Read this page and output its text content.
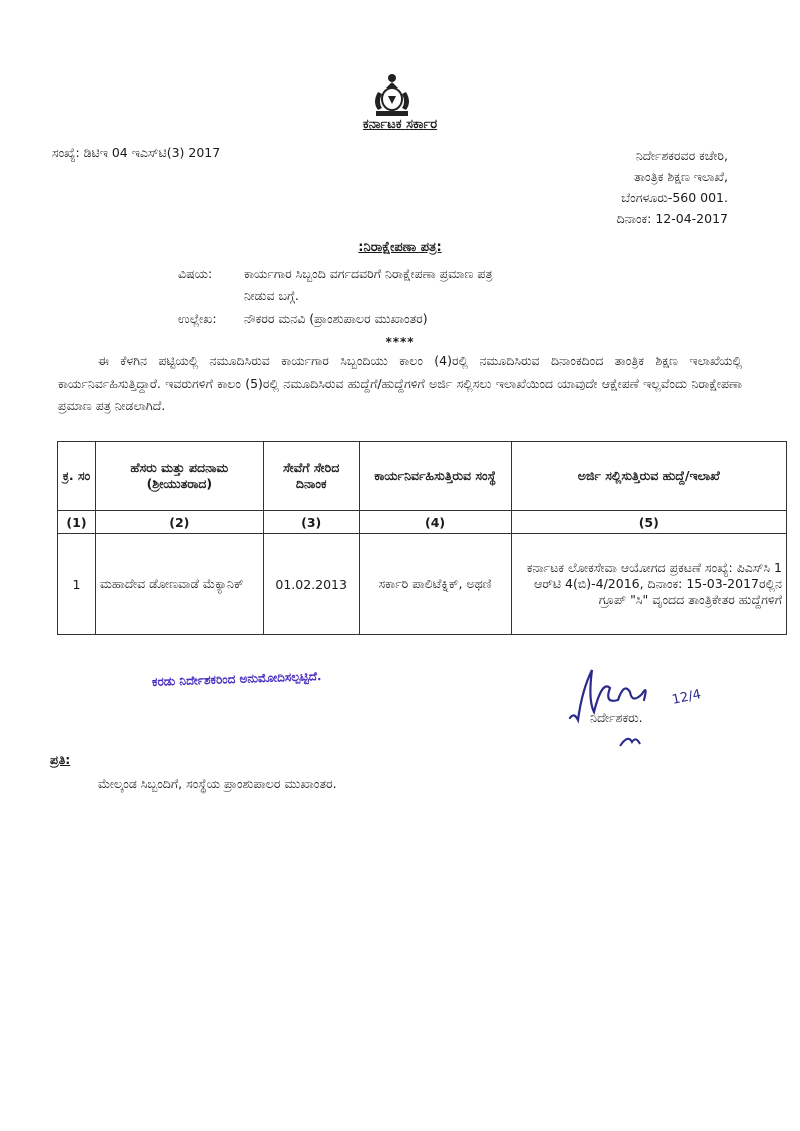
ಕರ್ನಾಟಕ ಸರ್ಕಾರ
ಸಂಖ್ಯೆ: ಡಿಟಿಇ 04 ಇಎಸ್‌ಟಿ(3) 2017	ನಿರ್ದೇಶಕರವರ ಕಚೇರಿ,
ತಾಂತ್ರಿಕ ಶಿಕ್ಷಣ ಇಲಾಖೆ,
ಬೆಂಗಳೂರು-560 001.
ದಿನಾಂಕ: 12-04-2017
:ನಿರಾಕ್ಷೇಪಣಾ ಪತ್ರ:
ವಿಷಯ:	ಕಾರ್ಯಗಾರ ಸಿಬ್ಬಂದಿ ವರ್ಗದವರಿಗೆ ನಿರಾಕ್ಷೇಪಣಾ ಪ್ರಮಾಣ ಪತ್ರ
ನೀಡುವ ಬಗ್ಗೆ.
ಉಲ್ಲೇಖ:	ನೌಕರರ ಮನವಿ (ಪ್ರಾಂಶುಪಾಲರ ಮುಖಾಂತರ)
****
ಈ ಕೆಳಗಿನ ಪಟ್ಟಿಯಲ್ಲಿ ನಮೂದಿಸಿರುವ ಕಾರ್ಯಗಾರ ಸಿಬ್ಬಂದಿಯು ಕಾಲಂ (4)ರಲ್ಲಿ ನಮೂದಿಸಿರುವ ದಿನಾಂಕದಿಂದ ತಾಂತ್ರಿಕ ಶಿಕ್ಷಣ ಇಲಾಖೆಯಲ್ಲಿ ಕಾರ್ಯನಿರ್ವಹಿಸುತ್ತಿದ್ದಾರೆ. ಇವರುಗಳಿಗೆ ಕಾಲಂ (5)ರಲ್ಲಿ ನಮೂದಿಸಿರುವ ಹುದ್ದೆಗೆ/ಹುದ್ದೆಗಳಿಗೆ ಅರ್ಜಿ ಸಲ್ಲಿಸಲು ಇಲಾಖೆಯಿಂದ ಯಾವುದೇ ಆಕ್ಷೇಪಣೆ ಇಲ್ಲವೆಂದು ನಿರಾಕ್ಷೇಪಣಾ ಪ್ರಮಾಣ ಪತ್ರ ನೀಡಲಾಗಿದೆ.
ಕ್ರ. ಸಂ	ಹೆಸರು ಮತ್ತು ಪದನಾಮ (ಶ್ರೀಯುತರಾದ)	ಸೇವೆಗೆ ಸೇರಿದ ದಿನಾಂಕ	ಕಾರ್ಯನಿರ್ವಹಿಸುತ್ತಿರುವ ಸಂಸ್ಥೆ	ಅರ್ಜಿ ಸಲ್ಲಿಸುತ್ತಿರುವ ಹುದ್ದೆ/ಇಲಾಖೆ
(1)	(2)	(3)	(4)	(5)
1	ಮಹಾದೇವ ಡೋಣವಾಡೆ ಮೆಕ್ಯಾನಿಕ್	01.02.2013	ಸರ್ಕಾರಿ ಪಾಲಿಟೆಕ್ನಿಕ್, ಅಥಣಿ	ಕರ್ನಾಟಕ ಲೋಕಸೇವಾ ಆಯೋಗದ ಪ್ರಕಟಣೆ ಸಂಖ್ಯೆ: ಪಿಎಸ್‌ಸಿ 1 ಆರ್‌ಟಿ 4(ಬಿ)-4/2016, ದಿನಾಂಕ: 15-03-2017ರಲ್ಲಿನ ಗ್ರೂಪ್ "ಸಿ" ವೃಂದದ ತಾಂತ್ರಿಕೇತರ ಹುದ್ದೆಗಳಿಗೆ
ಕರಡು ನಿರ್ದೇಶಕರಿಂದ ಅನುಮೋದಿಸಲ್ಪಟ್ಟಿದೆ.
12/4
ನಿರ್ದೇಶಕರು.
ಪ್ರತಿ:
ಮೇಲ್ಕಂಡ ಸಿಬ್ಬಂದಿಗೆ, ಸಂಸ್ಥೆಯ ಪ್ರಾಂಶುಪಾಲರ ಮುಖಾಂತರ.
